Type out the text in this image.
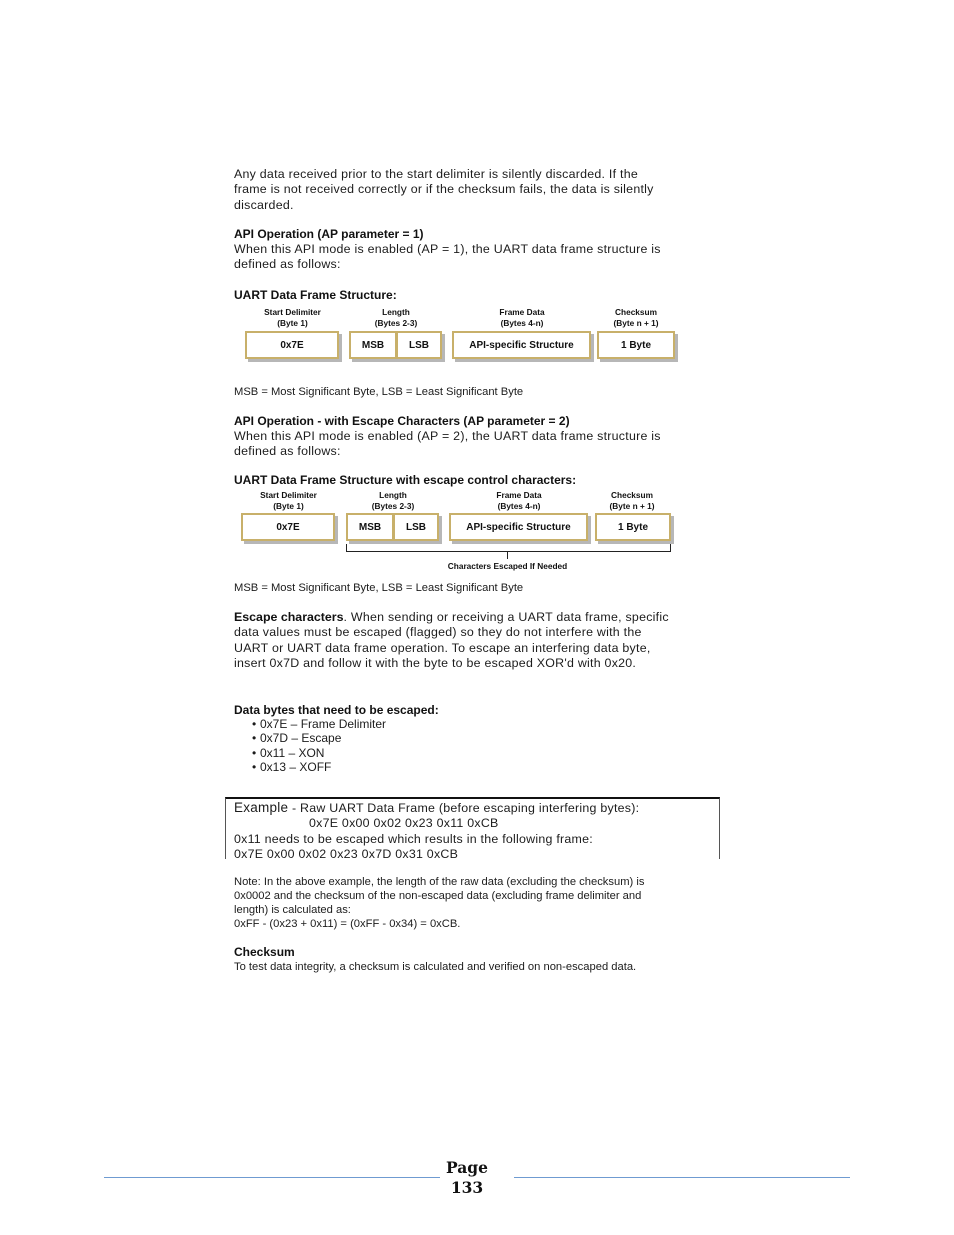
Any data received prior to the start delimiter is silently discarded. If the
frame is not received correctly or if the checksum fails, the data is silently
discarded.
API Operation (AP parameter = 1)
When this API mode is enabled (AP = 1), the UART data frame structure is
defined as follows:
UART Data Frame Structure:
Start Delimiter
(Byte 1)
Length
(Bytes 2-3)
Frame Data
(Bytes 4-n)
Checksum
(Byte n + 1)
0x7E	MSB	LSB	API-specific Structure	1 Byte
MSB = Most Significant Byte, LSB = Least Significant Byte
API Operation - with Escape Characters (AP parameter = 2)
When this API mode is enabled (AP = 2), the UART data frame structure is
defined as follows:
UART Data Frame Structure with escape control characters:
Start Delimiter
(Byte 1)
Length
(Bytes 2-3)
Frame Data
(Bytes 4-n)
Checksum
(Byte n + 1)
0x7E	MSB	LSB	API-specific Structure	1 Byte
Characters Escaped If Needed
MSB = Most Significant Byte, LSB = Least Significant Byte
Escape characters. When sending or receiving a UART data frame, specific
data values must be escaped (flagged) so they do not interfere with the
UART or UART data frame operation. To escape an interfering data byte,
insert 0x7D and follow it with the byte to be escaped XOR'd with 0x20.
Data bytes that need to be escaped:
• 0x7E – Frame Delimiter
• 0x7D – Escape
• 0x11 – XON
• 0x13 – XOFF
Example - Raw UART Data Frame (before escaping interfering bytes):
0x7E 0x00 0x02 0x23 0x11 0xCB
0x11 needs to be escaped which results in the following frame:
0x7E 0x00 0x02 0x23 0x7D 0x31 0xCB
Note: In the above example, the length of the raw data (excluding the checksum) is
0x0002 and the checksum of the non-escaped data (excluding frame delimiter and
length) is calculated as:
0xFF - (0x23 + 0x11) = (0xFF - 0x34) = 0xCB.
Checksum
To test data integrity, a checksum is calculated and verified on non-escaped data.
Page
133
